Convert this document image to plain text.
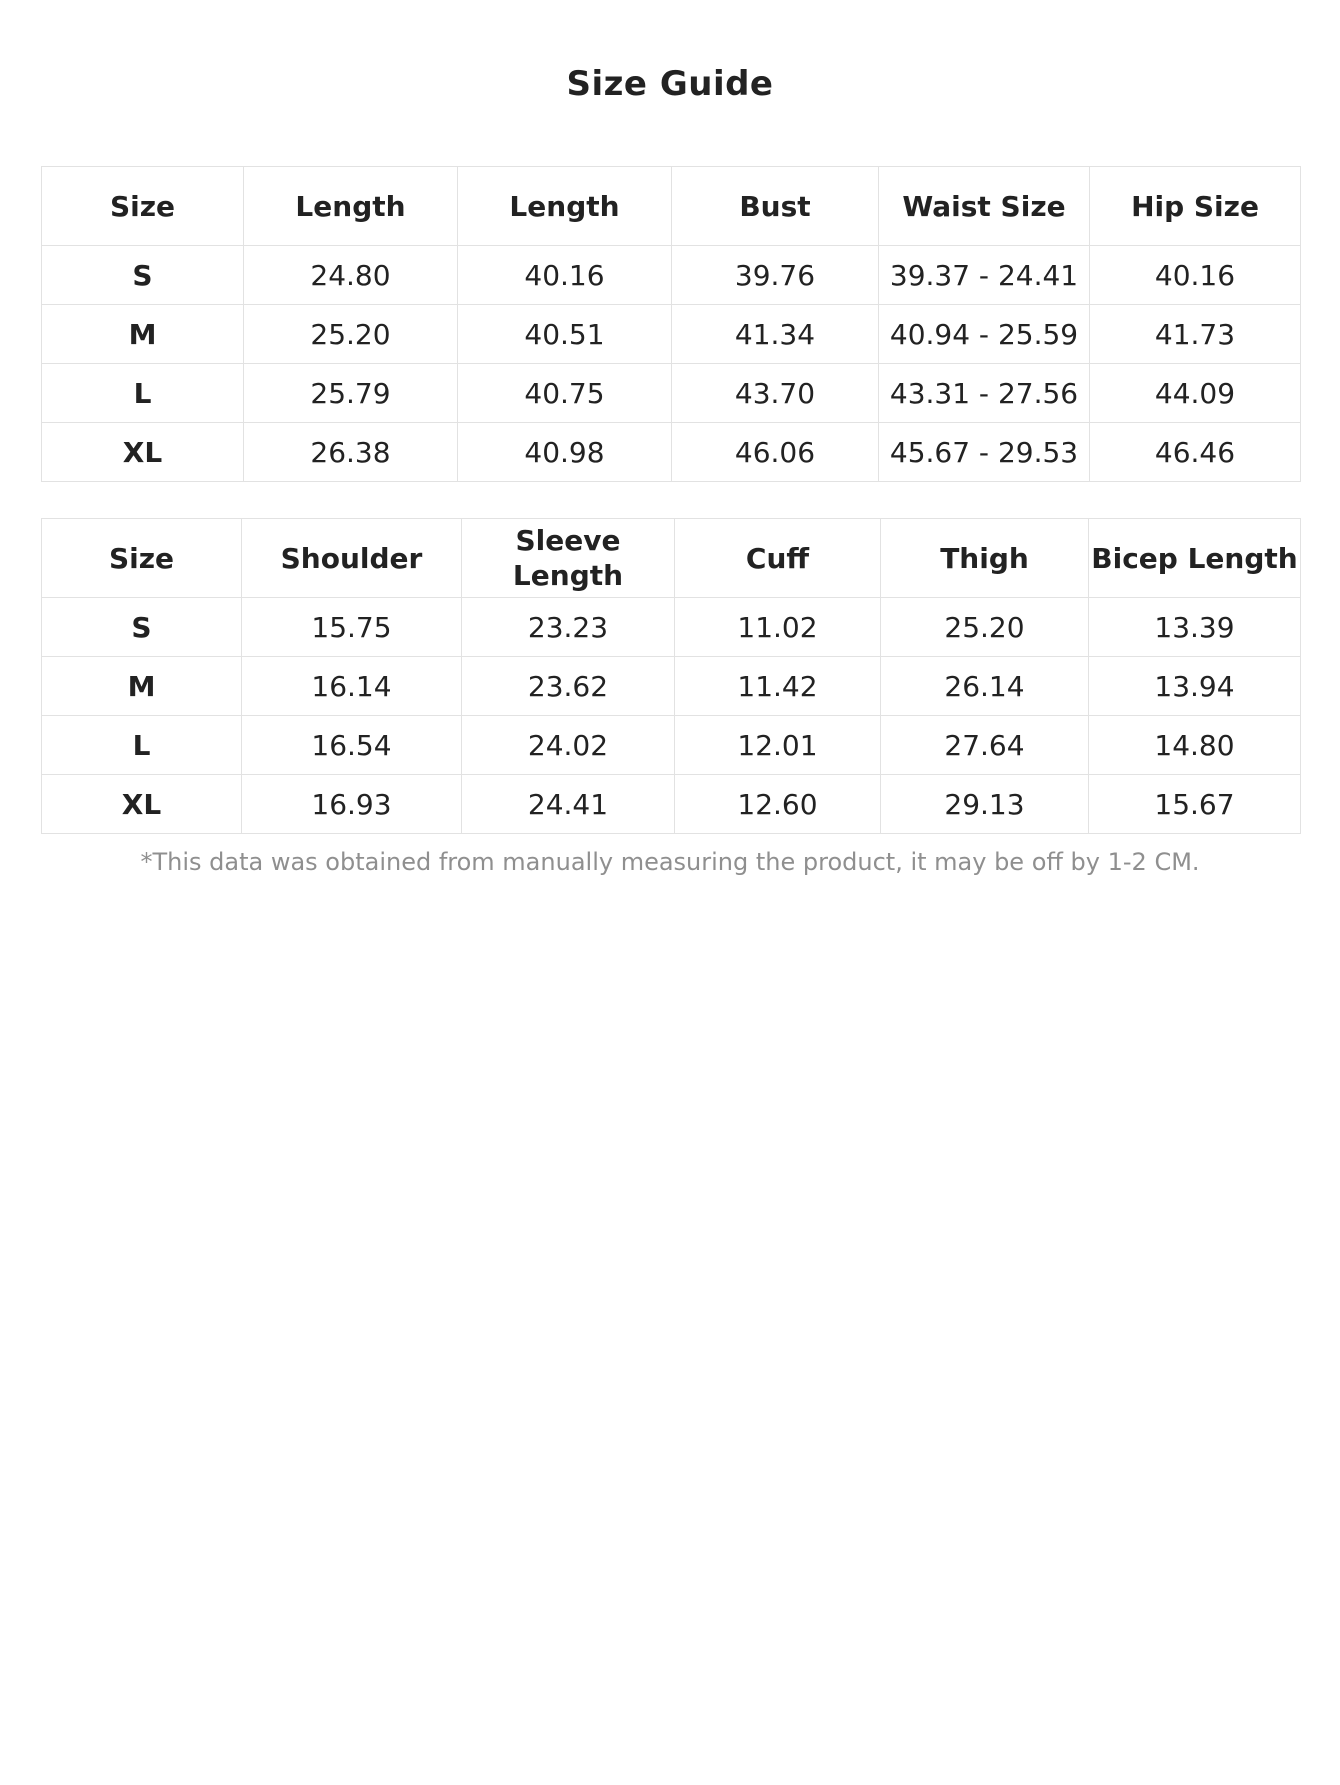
Size Guide
Size	Length	Length	Bust	Waist Size	Hip Size
S	24.80	40.16	39.76	39.37 - 24.41	40.16
M	25.20	40.51	41.34	40.94 - 25.59	41.73
L	25.79	40.75	43.70	43.31 - 27.56	44.09
XL	26.38	40.98	46.06	45.67 - 29.53	46.46
Size	Shoulder	Sleeve Length	Cuff	Thigh	Bicep Length
S	15.75	23.23	11.02	25.20	13.39
M	16.14	23.62	11.42	26.14	13.94
L	16.54	24.02	12.01	27.64	14.80
XL	16.93	24.41	12.60	29.13	15.67

*This data was obtained from manually measuring the product, it may be off by 1-2 CM.
